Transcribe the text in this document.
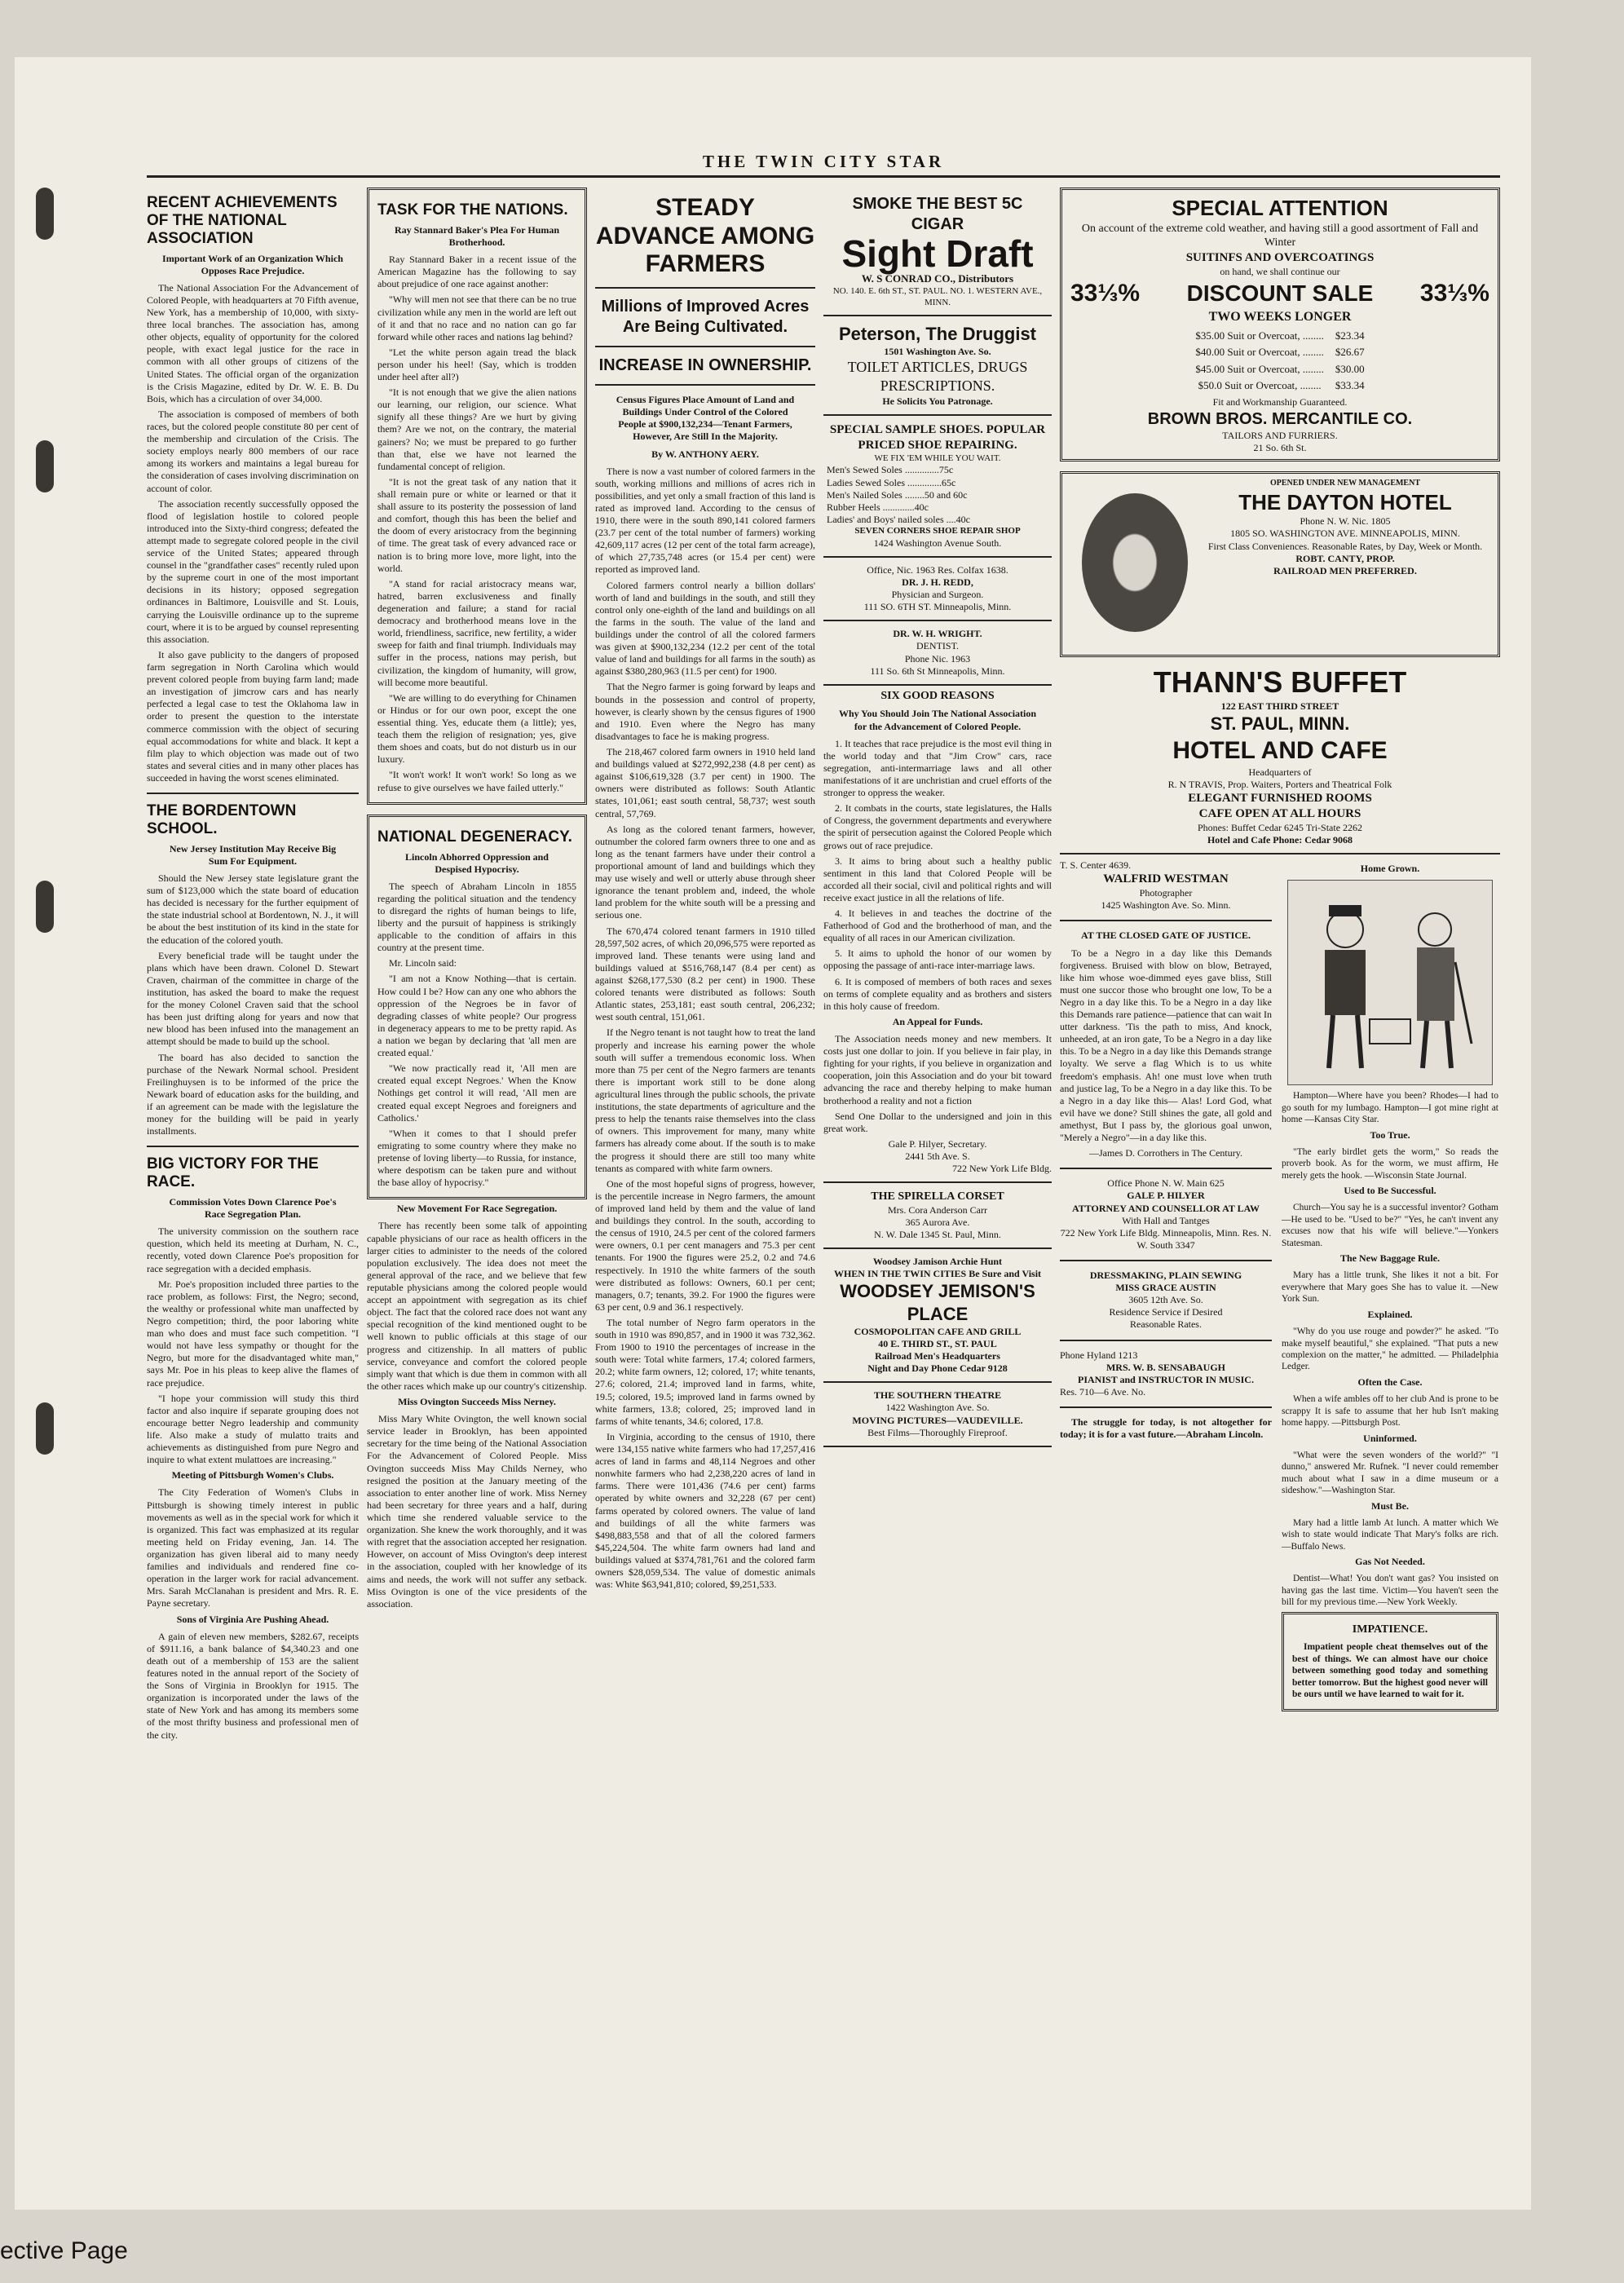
THE TWIN CITY STAR
RECENT ACHIEVEMENTS OF THE NATIONAL ASSOCIATION
Important Work of an Organization Which Opposes Race Prejudice.

The National Association For the Advancement of Colored People, with headquarters at 70 Fifth avenue, New York, has a membership of 10,000, with sixty-three local branches. The association has, among other objects, equality of opportunity for the colored people, with exact legal justice for the race in common with all other groups of citizens of the United States. The official organ of the organization is the Crisis Magazine, edited by Dr. W. E. B. Du Bois, which has a circulation of over 34,000.

The association is composed of members of both races, but the colored people constitute 80 per cent of the membership and circulation of the Crisis. The society employs nearly 800 members of our race among its workers and maintains a legal bureau for the consideration of cases involving discrimination on account of color.

The association recently successfully opposed the flood of legislation hostile to colored people introduced into the Sixty-third congress; defeated the attempt made to segregate colored people in the civil service of the United States; appeared through counsel in the "grandfather cases" recently ruled upon by the supreme court in one of the most important decisions in its history; opposed segregation ordinances in Baltimore, Louisville and St. Louis, carrying the Louisville ordinance up to the supreme court, where it is to be argued by counsel representing this association.

It also gave publicity to the dangers of proposed farm segregation in North Carolina which would prevent colored people from buying farm land; made an investigation of jimcrow cars and has nearly perfected a legal case to test the Oklahoma law in order to present the question to the interstate commerce commission with the object of securing equal accommodations for white and black. It kept a film play to which objection was made out of two states and several cities and in many other places has succeeded in having the worst scenes eliminated.

THE BORDENTOWN SCHOOL.
New Jersey Institution May Receive Big Sum For Equipment.

Should the New Jersey state legislature grant the sum of $123,000 which the state board of education has decided is necessary for the further equipment of the state industrial school at Bordentown, N. J., it will be about the best institution of its kind in the state for the education of the colored youth.

Every beneficial trade will be taught under the plans which have been drawn. Colonel D. Stewart Craven, chairman of the committee in charge of the institution, has asked the board to make the request for the money Colonel Craven said that the school has been just drifting along for years and now that new blood has been infused into the management an attempt should be made to build up the school.

The board has also decided to sanction the purchase of the Newark Normal school. President Freilinghuysen is to be informed of the price the Newark board of education asks for the building, and if an agreement can be made with the legislature the money for the building will be paid in yearly installments.

BIG VICTORY FOR THE RACE.
Commission Votes Down Clarence Poe's Race Segregation Plan.

The university commission on the southern race question, which held its meeting at Durham, N. C., recently, voted down Clarence Poe's proposition for race segregation with a decided emphasis.

Mr. Poe's proposition included three parties to the race problem, as follows: First, the Negro; second, the wealthy or professional white man unaffected by Negro competition; third, the poor laboring white man who does and must face such competition. "I would not have less sympathy or thought for the Negro, but more for the disadvantaged white man," says Mr. Poe in his pleas to keep alive the flames of race prejudice.

"I hope your commission will study this third factor and also inquire if separate grouping does not encourage better Negro leadership and community life. Also make a study of mulatto traits and achievements as distinguished from pure Negro and inquire to what extent mulattoes are increasing."

Meeting of Pittsburgh Women's Clubs.

The City Federation of Women's Clubs in Pittsburgh is showing timely interest in public movements as well as in the special work for which it is organized. This fact was emphasized at its regular meeting held on Friday evening, Jan. 14. The organization has given liberal aid to many needy families and individuals and rendered fine co-operation in the larger work for racial advancement. Mrs. Sarah McClanahan is president and Mrs. R. E. Payne secretary.

Sons of Virginia Are Pushing Ahead.

A gain of eleven new members, $282.67, receipts of $911.16, a bank balance of $4,340.23 and one death out of a membership of 153 are the salient features noted in the annual report of the Society of the Sons of Virginia in Brooklyn for 1915. The organization is incorporated under the laws of the state of New York and has among its members some of the most thrifty business and professional men of the city.

TASK FOR THE NATIONS.
Ray Stannard Baker's Plea For Human Brotherhood.

Ray Stannard Baker in a recent issue of the American Magazine has the following to say about prejudice of one race against another:

"Why will men not see that there can be no true civilization while any men in the world are left out of it and that no race and no nation can go far forward while other races and nations lag behind?

"Let the white person again tread the black person under his heel! (Say, which is trodden under heel after all?)

"It is not enough that we give the alien nations our learning, our religion, our science. What signify all these things? Are we hurt by giving them? Are we not, on the contrary, the material gainers? No; we must be prepared to go further than that, else we have not learned the fundamental concept of religion.

"It is not the great task of any nation that it shall remain pure or white or learned or that it shall assure to its posterity the possession of land and comfort, though this has been the belief and the doom of every aristocracy from the beginning of time. The great task of every advanced race or nation is to bring more love, more light, into the world.

"A stand for racial aristocracy means war, hatred, barren exclusiveness and finally degeneration and failure; a stand for racial democracy and brotherhood means love in the world, friendliness, sacrifice, new fertility, a wider sweep for faith and final triumph. Individuals may suffer in the process, nations may perish, but civilization, the kingdom of humanity, will grow, will become more beautiful.

"We are willing to do everything for Chinamen or Hindus or for our own poor, except the one essential thing. Yes, educate them (a little); yes, teach them the religion of resignation; yes, give them shoes and coats, but do not disturb us in our luxury.

"It won't work! It won't work! So long as we refuse to give ourselves we have failed utterly."

NATIONAL DEGENERACY.
Lincoln Abhorred Oppression and Despised Hypocrisy.

The speech of Abraham Lincoln in 1855 regarding the political situation and the tendency to disregard the rights of human beings to life, liberty and the pursuit of happiness is strikingly applicable to the condition of affairs in this country at the present time.

Mr. Lincoln said:

"I am not a Know Nothing—that is certain. How could I be? How can any one who abhors the oppression of the Negroes be in favor of degrading classes of white people? Our progress in degeneracy appears to me to be pretty rapid. As a nation we began by declaring that 'all men are created equal.'

"We now practically read it, 'All men are created equal except Negroes.' When the Know Nothings get control it will read, 'All men are created equal except Negroes and foreigners and Catholics.'

"When it comes to that I should prefer emigrating to some country where they make no pretense of loving liberty—to Russia, for instance, where despotism can be taken pure and without the base alloy of hypocrisy."

New Movement For Race Segregation.

There has recently been some talk of appointing capable physicians of our race as health officers in the larger cities to administer to the needs of the colored population exclusively. The idea does not meet the general approval of the race, and we believe that few reputable physicians among the colored people would accept an appointment with segregation as its chief object. The fact that the colored race does not want any special recognition of the kind mentioned ought to be well known to public officials at this stage of our progress and citizenship. In all matters of public service, conveyance and comfort the colored people simply want that which is due them in common with all the other races which make up our country's citizenship.

Miss Ovington Succeeds Miss Nerney.

Miss Mary White Ovington, the well known social service leader in Brooklyn, has been appointed secretary for the time being of the National Association For the Advancement of Colored People. Miss Ovington succeeds Miss May Childs Nerney, who resigned the position at the January meeting of the association to enter another line of work. Miss Nerney had been secretary for three years and a half, during which time she rendered valuable service to the organization. She knew the work thoroughly, and it was with regret that the association accepted her resignation. However, on account of Miss Ovington's deep interest in the association, coupled with her knowledge of its aims and needs, the work will not suffer any setback. Miss Ovington is one of the vice presidents of the association.

STEADY ADVANCE AMONG FARMERS
Millions of Improved Acres Are Being Cultivated.
INCREASE IN OWNERSHIP.
Census Figures Place Amount of Land and Buildings Under Control of the Colored People at $900,132,234—Tenant Farmers, However, Are Still In the Majority.
By W. ANTHONY AERY.

There is now a vast number of colored farmers in the south, working millions and millions of acres rich in possibilities, and yet only a small fraction of this land is rated as improved land. According to the census of 1910, there were in the south 890,141 colored farmers (23.7 per cent of the total number of farmers) working 42,609,117 acres (12 per cent of the total farm acreage), of which 27,735,748 acres (or 15.4 per cent) were reported as improved land.

Colored farmers control nearly a billion dollars' worth of land and buildings in the south, and still they control only one-eighth of the land and buildings on all the farms in the south. The value of the land and buildings under the control of all the colored farmers was given at $900,132,234 (12.2 per cent of the total value of land and buildings for all farms in the south) as against $380,280,963 (11.5 per cent) for 1900.

That the Negro farmer is going forward by leaps and bounds in the possession and control of property, however, is clearly shown by the census figures of 1900 and 1910. Even where the Negro has many disadvantages to face he is making progress.

The 218,467 colored farm owners in 1910 held land and buildings valued at $272,992,238 (4.8 per cent) as against $106,619,328 (3.7 per cent) in 1900. The owners were distributed as follows: South Atlantic states, 101,061; east south central, 58,737; west south central, 57,769.

As long as the colored tenant farmers, however, outnumber the colored farm owners three to one and as long as the tenant farmers have under their control a proportional amount of land and buildings which they may use wisely and well or utterly abuse through sheer ignorance the tenant problem and, indeed, the whole land problem for the white south will be a pressing and serious one.

The 670,474 colored tenant farmers in 1910 tilled 28,597,502 acres, of which 20,096,575 were reported as improved land. These tenants were using land and buildings valued at $516,768,147 (8.4 per cent) as against $268,177,530 (8.2 per cent) in 1900. These colored tenants were distributed as follows: South Atlantic states, 253,181; east south central, 206,232; west south central, 151,061.

If the Negro tenant is not taught how to treat the land properly and increase his earning power the whole south will suffer a tremendous economic loss. When more than 75 per cent of the Negro farmers are tenants there is important work still to be done along agricultural lines through the public schools, the private institutions, the state departments of agriculture and the press to help the tenants raise themselves into the class of owners. This improvement for many, many white farmers has already come about. If the south is to make the progress it should there are still too many white tenants as compared with white farm owners.

One of the most hopeful signs of progress, however, is the percentile increase in Negro farmers, the amount of improved land held by them and the value of land and buildings they control. In the south, according to the census of 1910, 24.5 per cent of the colored farmers were owners, 0.1 per cent managers and 75.3 per cent tenants. For 1900 the figures were 25.2, 0.2 and 74.6 respectively. In 1910 the white farmers of the south were distributed as follows: Owners, 60.1 per cent; managers, 0.7; tenants, 39.2. For 1900 the figures were 63 per cent, 0.9 and 36.1 respectively.

The total number of Negro farm operators in the south in 1910 was 890,857, and in 1900 it was 732,362. From 1900 to 1910 the percentages of increase in the south were: Total white farmers, 17.4; colored farmers, 20.2; white farm owners, 12; colored, 17; white tenants, 27.6; colored, 21.4; improved land in farms, white, 19.5; colored, 19.5; improved land in farms owned by white farmers, 13.8; colored, 25; improved land in farms of white tenants, 34.6; colored, 17.8.

In Virginia, according to the census of 1910, there were 134,155 native white farmers who had 17,257,416 acres of land in farms and 48,114 Negroes and other nonwhite farmers who had 2,238,220 acres of land in farms. There were 101,436 (74.6 per cent) farms operated by white owners and 32,228 (67 per cent) farms operated by colored owners. The value of land and buildings of all the white farmers was $498,883,558 and that of all the colored farmers $45,224,504. The white farm owners had land and buildings valued at $374,781,761 and the colored farm owners $28,059,534. The value of domestic animals was: White $63,941,810; colored, $9,251,533.

SMOKE THE BEST 5C CIGAR
Sight Draft
W. S CONRAD CO., Distributors
NO. 140. E. 6th ST., ST. PAUL. NO. 1. WESTERN AVE., MINN.
Peterson, The Druggist
1501 Washington Ave. So.
TOILET ARTICLES, DRUGS PRESCRIPTIONS.
He Solicits You Patronage.
SPECIAL SAMPLE SHOES. POPULAR PRICED SHOE REPAIRING.
WE FIX 'EM WHILE YOU WAIT.
Men's Sewed Soles ..............75c
Ladies Sewed Soles ..............65c
Men's Nailed Soles ........50 and 60c
Rubber Heels .............40c
Ladies' and Boys' nailed soles ....40c
SEVEN CORNERS SHOE REPAIR SHOP
1424 Washington Avenue South.
Office, Nic. 1963 Res. Colfax 1638.
DR. J. H. REDD,
Physician and Surgeon.
111 SO. 6TH ST. Minneapolis, Minn.
DR. W. H. WRIGHT.
DENTIST.
Phone Nic. 1963
111 So. 6th St Minneapolis, Minn.
SIX GOOD REASONS
Why You Should Join The National Association for the Advancement of Colored People.

1. It teaches that race prejudice is the most evil thing in the world today and that "Jim Crow" cars, race segregation, anti-intermarriage laws and all other manifestations of it are unchristian and cruel efforts of the stronger to oppress the weaker.

2. It combats in the courts, state legislatures, the Halls of Congress, the government departments and everywhere the spirit of persecution against the Colored People which grows out of race prejudice.

3. It aims to bring about such a healthy public sentiment in this land that Colored People will be accorded all their social, civil and political rights and will receive exact justice in all the relations of life.

4. It believes in and teaches the doctrine of the Fatherhood of God and the brotherhood of man, and the equality of all races in our American civilization.

5. It aims to uphold the honor of our women by opposing the passage of anti-race inter-marriage laws.

6. It is composed of members of both races and sexes on terms of complete equality and as brothers and sisters in this holy cause of freedom.

An Appeal for Funds.

The Association needs money and new members. It costs just one dollar to join. If you believe in fair play, in fighting for your rights, if you believe in organization and cooperation, join this Association and do your bit toward advancing the race and thereby helping to make human brotherhood a reality and not a fiction

Send One Dollar to the undersigned and join in this great work.

Gale P. Hilyer, Secretary.
2441 5th Ave. S.
722 New York Life Bldg.
THE SPIRELLA CORSET
Mrs. Cora Anderson Carr
365 Aurora Ave.
N. W. Dale 1345 St. Paul, Minn.
Woodsey Jamison Archie Hunt
WHEN IN THE TWIN CITIES Be Sure and Visit
WOODSEY JEMISON'S PLACE
COSMOPOLITAN CAFE AND GRILL
40 E. THIRD ST., ST. PAUL
Railroad Men's Headquarters
Night and Day Phone Cedar 9128
THE SOUTHERN THEATRE
1422 Washington Ave. So.
MOVING PICTURES—VAUDEVILLE.
Best Films—Thoroughly Fireproof.
SPECIAL ATTENTION
On account of the extreme cold weather, and having still a good assortment of Fall and Winter
SUITINFS AND OVERCOATINGS
on hand, we shall continue our
33⅓% DISCOUNT SALE 33⅓%
TWO WEEKS LONGER
$35.00 Suit or Overcoat, ........	$23.34
$40.00 Suit or Overcoat, ........	$26.67
$45.00 Suit or Overcoat, ........	$30.00
$50.0 Suit or Overcoat, ........	$33.34
Fit and Workmanship Guaranteed.
BROWN BROS. MERCANTILE CO.
TAILORS AND FURRIERS.
21 So. 6th St.
OPENED UNDER NEW MANAGEMENT
THE DAYTON HOTEL
Phone N. W. Nic. 1805
1805 SO. WASHINGTON AVE. MINNEAPOLIS, MINN.
First Class Conveniences. Reasonable Rates, by Day, Week or Month.
ROBT. CANTY, PROP.
RAILROAD MEN PREFERRED.
THANN'S BUFFET
122 EAST THIRD STREET
ST. PAUL, MINN.
HOTEL AND CAFE
Headquarters of
R. N TRAVIS, Prop. Waiters, Porters and Theatrical Folk
ELEGANT FURNISHED ROOMS
CAFE OPEN AT ALL HOURS
Phones: Buffet Cedar 6245 Tri-State 2262
Hotel and Cafe Phone: Cedar 9068
T. S. Center 4639.
WALFRID WESTMAN
Photographer
1425 Washington Ave. So. Minn.
AT THE CLOSED GATE OF JUSTICE.

To be a Negro in a day like this Demands forgiveness. Bruised with blow on blow, Betrayed, like him whose woe-dimmed eyes gave bliss, Still must one succor those who brought one low, To be a Negro in a day like this. To be a Negro in a day like this Demands rare patience—patience that can wait In utter darkness. 'Tis the path to miss, And knock, unheeded, at an iron gate, To be a Negro in a day like this. To be a Negro in a day like this Demands strange loyalty. We serve a flag Which is to us white freedom's emphasis. Ah! one must love when truth and justice lag, To be a Negro in a day like this. To be a Negro in a day like this— Alas! Lord God, what evil have we done? Still shines the gate, all gold and amethyst, But I pass by, the glorious goal unwon, "Merely a Negro"—in a day like this.

—James D. Corrothers in The Century.
Office Phone N. W. Main 625
GALE P. HILYER
ATTORNEY AND COUNSELLOR AT LAW
With Hall and Tantges
722 New York Life Bldg. Minneapolis, Minn. Res. N. W. South 3347
DRESSMAKING, PLAIN SEWING
MISS GRACE AUSTIN
3605 12th Ave. So.
Residence Service if Desired
Reasonable Rates.
Phone Hyland 1213
MRS. W. B. SENSABAUGH
PIANIST and INSTRUCTOR IN MUSIC.
Res. 710—6 Ave. No.

The struggle for today, is not altogether for today; it is for a vast future.—Abraham Lincoln.

Home Grown.

Hampton—Where have you been? Rhodes—I had to go south for my lumbago. Hampton—I got mine right at home —Kansas City Star.

Too True.

"The early birdlet gets the worm," So reads the proverb book. As for the worm, we must affirm, He merely gets the hook. —Wisconsin State Journal.

Used to Be Successful.

Church—You say he is a successful inventor? Gotham—He used to be. "Used to be?" "Yes, he can't invent any excuses now that his wife will believe."—Yonkers Statesman.

The New Baggage Rule.

Mary has a little trunk, She likes it not a bit. For everywhere that Mary goes She has to value it. —New York Sun.

Explained.

"Why do you use rouge and powder?" he asked. "To make myself beautiful," she explained. "That puts a new complexion on the matter," he admitted. — Philadelphia Ledger.

Often the Case.

When a wife ambles off to her club And is prone to be scrappy It is safe to assume that her hub Isn't making home happy. —Pittsburgh Post.

Uninformed.

"What were the seven wonders of the world?" "I dunno," answered Mr. Rufnek. "I never could remember much about what I saw in a dime museum or a sideshow."—Washington Star.

Must Be.

Mary had a little lamb At lunch. A matter which We wish to state would indicate That Mary's folks are rich. —Buffalo News.

Gas Not Needed.

Dentist—What! You don't want gas? You insisted on having gas the last time. Victim—You haven't seen the bill for my previous time.—New York Weekly.

IMPATIENCE.

Impatient people cheat themselves out of the best of things. We can almost have our choice between something good today and something better tomorrow. But the highest good never will be ours until we have learned to wait for it.

ective Page
